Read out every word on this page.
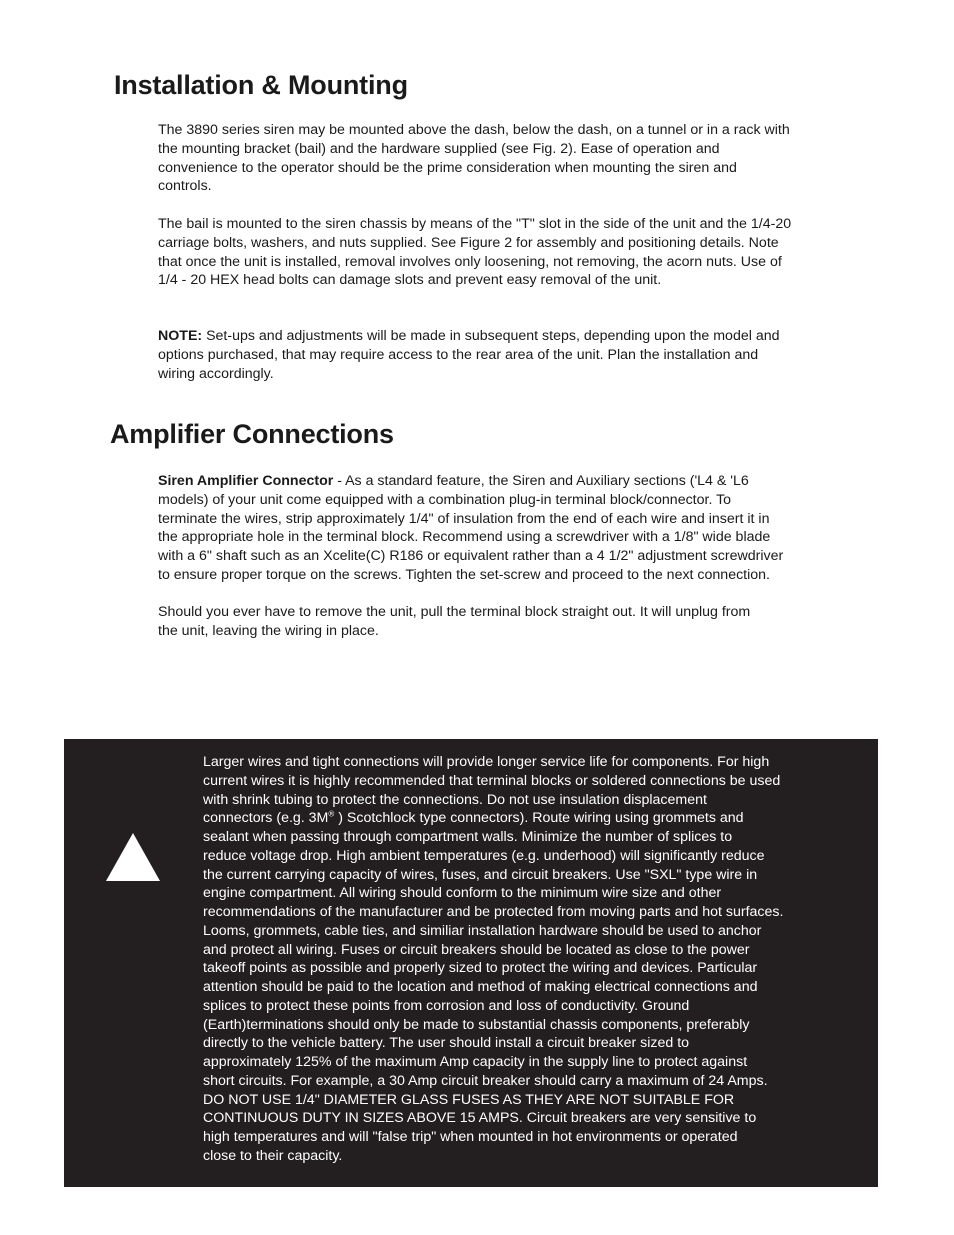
Installation & Mounting

The 3890 series siren may be mounted above the dash, below the dash, on a tunnel or in a rack with
the mounting bracket (bail) and the hardware supplied (see Fig. 2). Ease of operation and
convenience to the operator should be the prime consideration when mounting the siren and
controls.

The bail is mounted to the siren chassis by means of the "T" slot in the side of the unit and the 1/4-20
carriage bolts, washers, and nuts supplied. See Figure 2 for assembly and positioning details. Note
that once the unit is installed, removal involves only loosening, not removing, the acorn nuts. Use of
1/4 - 20 HEX head bolts can damage slots and prevent easy removal of the unit.

NOTE: Set-ups and adjustments will be made in subsequent steps, depending upon the model and
options purchased, that may require access to the rear area of the unit. Plan the installation and
wiring accordingly.

Amplifier Connections

Siren Amplifier Connector - As a standard feature, the Siren and Auxiliary sections ('L4 & 'L6
models) of your unit come equipped with a combination plug-in terminal block/connector. To
terminate the wires, strip approximately 1/4" of insulation from the end of each wire and insert it in
the appropriate hole in the terminal block. Recommend using a screwdriver with a 1/8" wide blade
with a 6" shaft such as an Xcelite(C) R186 or equivalent rather than a 4 1/2" adjustment screwdriver
to ensure proper torque on the screws. Tighten the set-screw and proceed to the next connection.

Should you ever have to remove the unit, pull the terminal block straight out. It will unplug from
the unit, leaving the wiring in place.

Larger wires and tight connections will provide longer service life for components. For high
current wires it is highly recommended that terminal blocks or soldered connections be used
with shrink tubing to protect the connections. Do not use insulation displacement
connectors (e.g. 3M® ) Scotchlock type connectors). Route wiring using grommets and
sealant when passing through compartment walls. Minimize the number of splices to
reduce voltage drop. High ambient temperatures (e.g. underhood) will significantly reduce
the current carrying capacity of wires, fuses, and circuit breakers. Use "SXL" type wire in
engine compartment. All wiring should conform to the minimum wire size and other
recommendations of the manufacturer and be protected from moving parts and hot surfaces.
Looms, grommets, cable ties, and similiar installation hardware should be used to anchor
and protect all wiring. Fuses or circuit breakers should be located as close to the power
takeoff points as possible and properly sized to protect the wiring and devices. Particular
attention should be paid to the location and method of making electrical connections and
splices to protect these points from corrosion and loss of conductivity. Ground
(Earth)terminations should only be made to substantial chassis components, preferably
directly to the vehicle battery. The user should install a circuit breaker sized to
approximately 125% of the maximum Amp capacity in the supply line to protect against
short circuits. For example, a 30 Amp circuit breaker should carry a maximum of 24 Amps.
DO NOT USE 1/4" DIAMETER GLASS FUSES AS THEY ARE NOT SUITABLE FOR
CONTINUOUS DUTY IN SIZES ABOVE 15 AMPS. Circuit breakers are very sensitive to
high temperatures and will "false trip" when mounted in hot environments or operated
close to their capacity.
